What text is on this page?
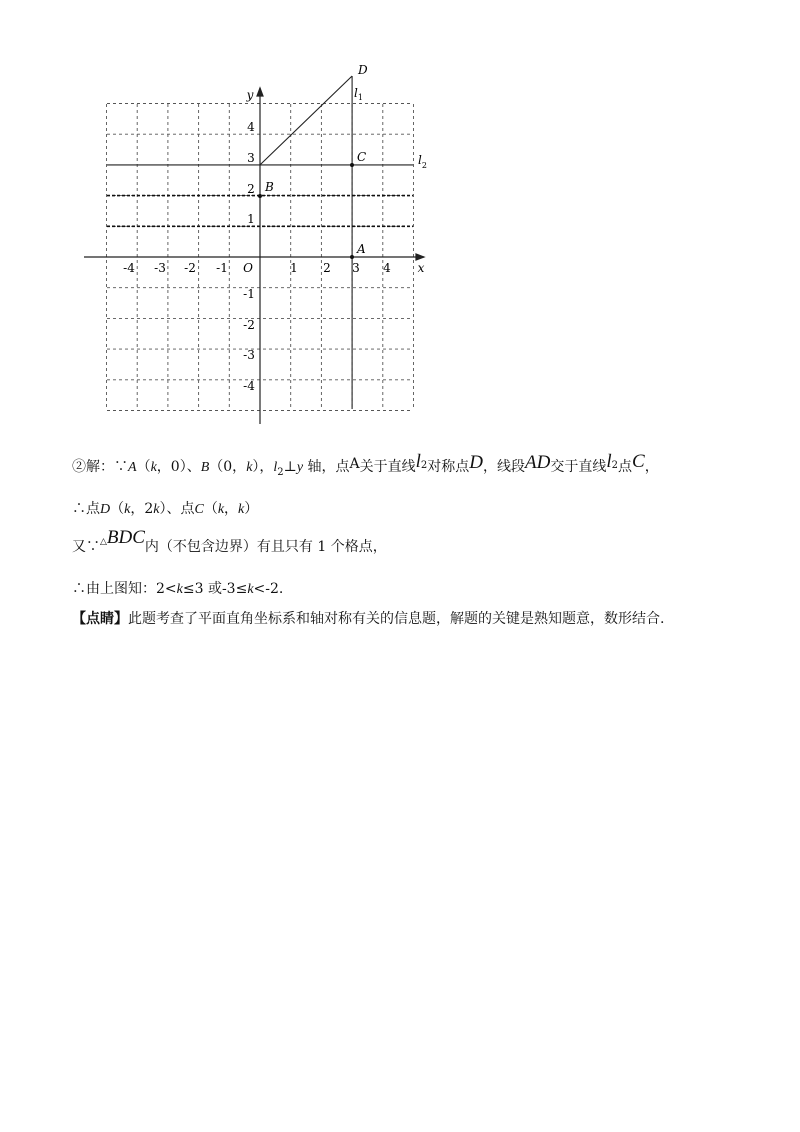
-4 -3 -2 -1 O	1 2 3 4 x
y
4
3
2
1
-1
-2
-3
-4
D
C
B
A
$l_1$
$l_2$
②解：∵A（k，0）、B（0，k），$l_2\perp y$ 轴，点A关于直线$l^2$对称点D，线段AD交于直线$l^2$点C，
∴点D（k，2k）、点C（k，k）
又∵△BDC内（不包含边界）有且只有 1 个格点，
∴由上图知：2<k≤3 或-3≤k<-2.
【点睛】此题考查了平面直角坐标系和轴对称有关的信息题，解题的关键是熟知题意，数形结合.
